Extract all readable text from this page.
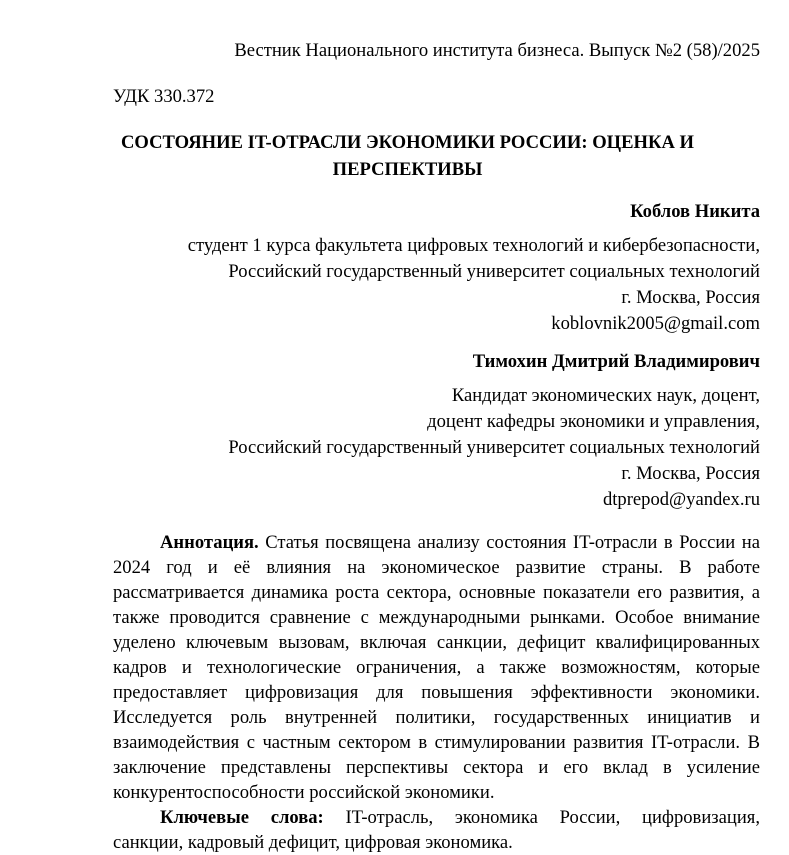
Вестник Национального института бизнеса. Выпуск №2 (58)/2025
УДК 330.372
СОСТОЯНИЕ IT-ОТРАСЛИ ЭКОНОМИКИ РОССИИ: ОЦЕНКА И ПЕРСПЕКТИВЫ
Коблов Никита
студент 1 курса факультета цифровых технологий и кибербезопасности,
Российский государственный университет социальных технологий
г. Москва, Россия
koblovnik2005@gmail.com
Тимохин Дмитрий Владимирович
Кандидат экономических наук, доцент,
доцент кафедры экономики и управления,
Российский государственный университет социальных технологий
г. Москва, Россия
dtprepod@yandex.ru

Аннотация. Статья посвящена анализу состояния IT-отрасли в России на 2024 год и её влияния на экономическое развитие страны. В работе рассматривается динамика роста сектора, основные показатели его развития, а также проводится сравнение с международными рынками. Особое внимание уделено ключевым вызовам, включая санкции, дефицит квалифицированных кадров и технологические ограничения, а также возможностям, которые предоставляет цифровизация для повышения эффективности экономики. Исследуется роль внутренней политики, государственных инициатив и взаимодействия с частным сектором в стимулировании развития IT-отрасли. В заключение представлены перспективы сектора и его вклад в усиление конкурентоспособности российской экономики.

Ключевые слова: IT-отрасль, экономика России, цифровизация,

санкции, кадровый дефицит, цифровая экономика.
